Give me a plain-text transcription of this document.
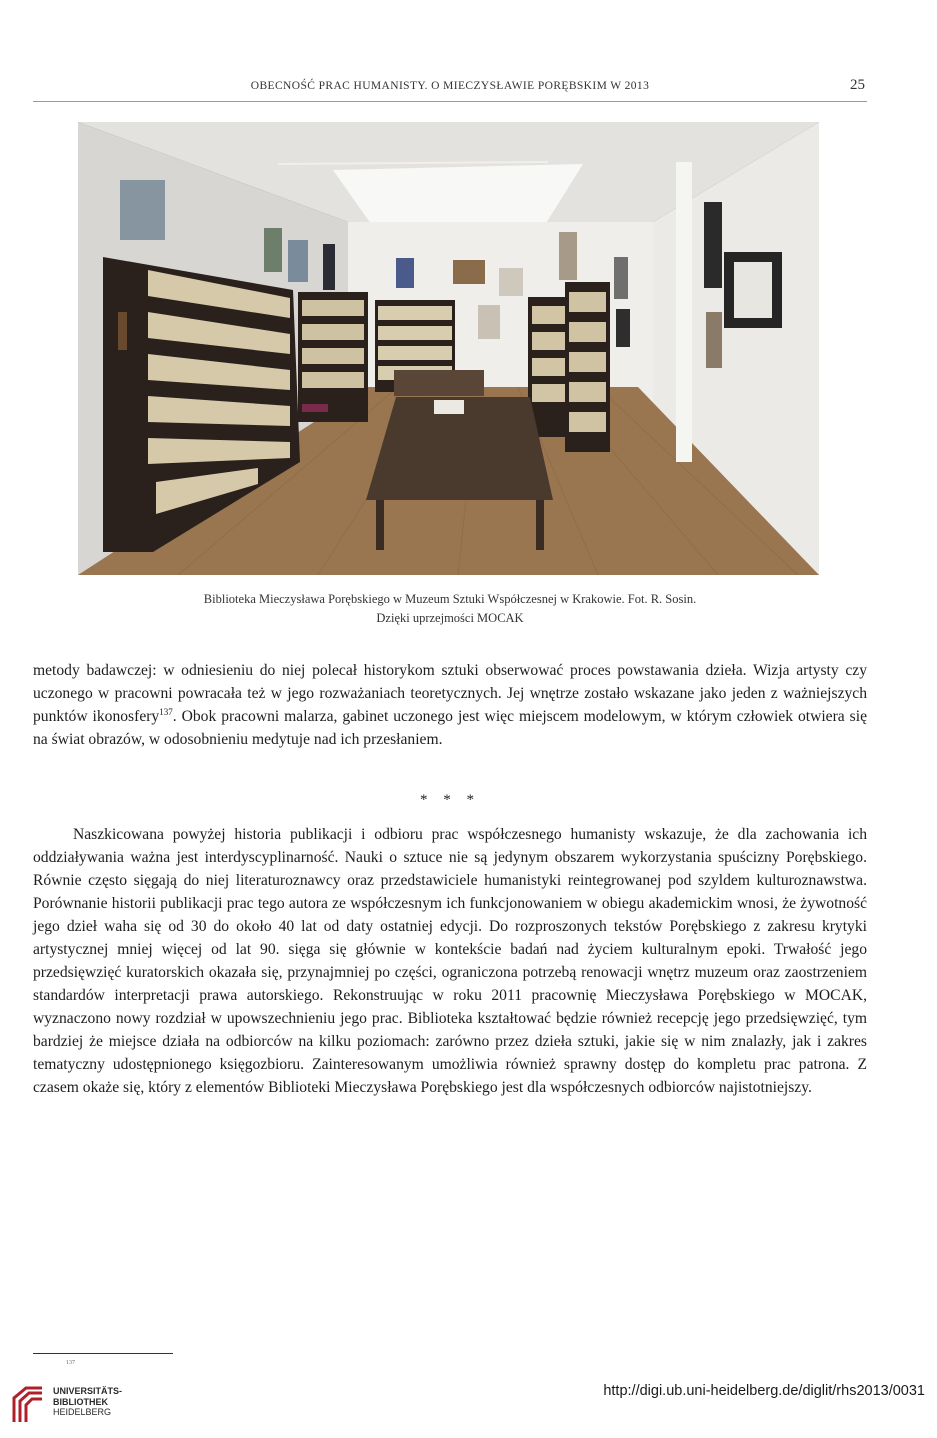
OBECNOŚĆ PRAC HUMANISTY. O MIECZYSŁAWIE PORĘBSKIM W 2013	25
Biblioteka Mieczysława Porębskiego w Muzeum Sztuki Współczesnej w Krakowie. Fot. R. Sosin.
Dzięki uprzejmości MOCAK

metody badawczej: w odniesieniu do niej polecał historykom sztuki obserwować proces powstawania dzieła. Wizja artysty czy uczonego w pracowni powracała też w jego rozważaniach teoretycznych. Jej wnętrze zostało wskazane jako jeden z ważniejszych punktów ikonosfery$^{137}$. Obok pracowni malarza, gabinet uczonego jest więc miejscem modelowym, w którym człowiek otwiera się na świat obrazów, w odosobnieniu medytuje nad ich przesłaniem.

* * *

Naszkicowana powyżej historia publikacji i odbioru prac współczesnego humanisty wskazuje, że dla zachowania ich oddziaływania ważna jest interdyscyplinarność. Nauki o sztuce nie są jedynym obszarem wykorzystania spuścizny Porębskiego. Równie często sięgają do niej literaturoznawcy oraz przedstawiciele humanistyki reintegrowanej pod szyldem kulturoznawstwa. Porównanie historii publikacji prac tego autora ze współczesnym ich funkcjonowaniem w obiegu akademickim wnosi, że żywotność jego dzieł waha się od 30 do około 40 lat od daty ostatniej edycji. Do rozproszonych tekstów Porębskiego z zakresu krytyki artystycznej mniej więcej od lat 90. sięga się głównie w kontekście badań nad życiem kulturalnym epoki. Trwałość jego przedsięwzięć kuratorskich okazała się, przynajmniej po części, ograniczona potrzebą renowacji wnętrz muzeum oraz zaostrzeniem standardów interpretacji prawa autorskiego. Rekonstruując w roku 2011 pracownię Mieczysława Porębskiego w MOCAK, wyznaczono nowy rozdział w upowszechnieniu jego prac. Biblioteka kształtować będzie również recepcję jego przedsięwzięć, tym bardziej że miejsce działa na odbiorców na kilku poziomach: zarówno przez dzieła sztuki, jakie się w nim znalazły, jak i zakres tematyczny udostępnionego księgozbioru. Zainteresowanym umożliwia również sprawny dostęp do kompletu prac patrona. Z czasem okaże się, który z elementów Biblioteki Mieczysława Porębskiego jest dla współczesnych odbiorców najistotniejszy.

137
UNIVERSITÄTS-
BIBLIOTHEK
HEIDELBERG
http://digi.ub.uni-heidelberg.de/diglit/rhs2013/0031
